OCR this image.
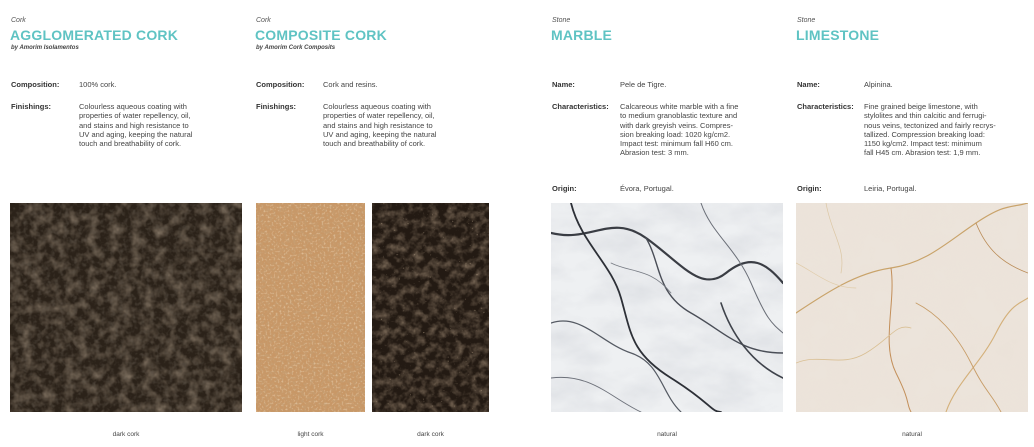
Cork
AGGLOMERATED CORK
by Amorim Isolamentos
Composition:	100% cork.
Finishings:	Colourless aqueous coating with
properties of water repellency, oil,
and stains and high resistance to
UV and aging, keeping the natural
touch and breathability of cork.
dark cork
Cork
COMPOSITE CORK
by Amorim Cork Composits
Composition: Cork and resins.
Finishings:	Colourless aqueous coating with
properties of water repellency, oil,
and stains and high resistance to
UV and aging, keeping the natural
touch and breathability of cork.
light cork	dark cork
Stone
MARBLE
Name:	Pele de Tigre.
Characteristics: Calcareous white marble with a fine
to medium granoblastic texture and
with dark greyish veins. Compres-
sion breaking load: 1020 kg/cm2.
Impact test: minimum fall H60 cm.
Abrasion test: 3 mm.
Origin:	Évora, Portugal.
natural
Stone
LIMESTONE
Name:	Alpinina.
Characteristics: Fine grained beige limestone, with
stylolites and thin calcitic and ferrugi-
nous veins, tectonized and fairly recrys-
tallized. Compression breaking load:
1150 kg/cm2. Impact test: minimum
fall H45 cm. Abrasion test: 1,9 mm.
Origin:	Leiria, Portugal.
natural
